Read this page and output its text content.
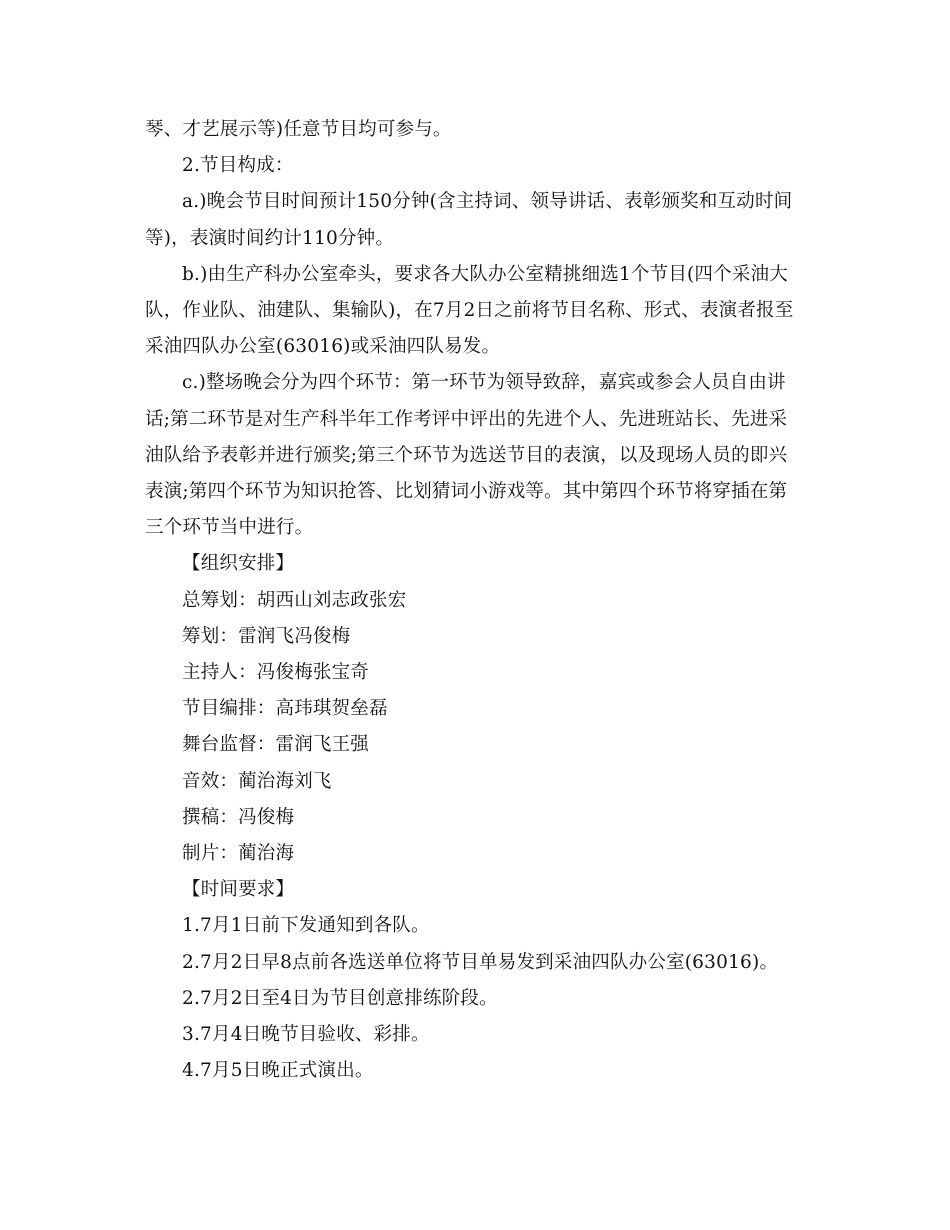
琴、才艺展示等)任意节目均可参与。

2.节目构成：

a.)晚会节目时间预计150分钟(含主持词、领导讲话、表彰颁奖和互动时间
等)，表演时间约计110分钟。

b.)由生产科办公室牵头，要求各大队办公室精挑细选1个节目(四个采油大
队，作业队、油建队、集输队)，在7月2日之前将节目名称、形式、表演者报至
采油四队办公室(63016)或采油四队易发。

c.)整场晚会分为四个环节：第一环节为领导致辞，嘉宾或参会人员自由讲
话;第二环节是对生产科半年工作考评中评出的先进个人、先进班站长、先进采
油队给予表彰并进行颁奖;第三个环节为选送节目的表演，以及现场人员的即兴
表演;第四个环节为知识抢答、比划猜词小游戏等。其中第四个环节将穿插在第
三个环节当中进行。

【组织安排】
总筹划：胡西山刘志政张宏
筹划：雷润飞冯俊梅
主持人：冯俊梅张宝奇
节目编排：高玮琪贺垒磊
舞台监督：雷润飞王强
音效：蔺治海刘飞
撰稿：冯俊梅
制片：蔺治海
【时间要求】
1.7月1日前下发通知到各队。
2.7月2日早8点前各选送单位将节目单易发到采油四队办公室(63016)。
2.7月2日至4日为节目创意排练阶段。
3.7月4日晚节目验收、彩排。
4.7月5日晚正式演出。
